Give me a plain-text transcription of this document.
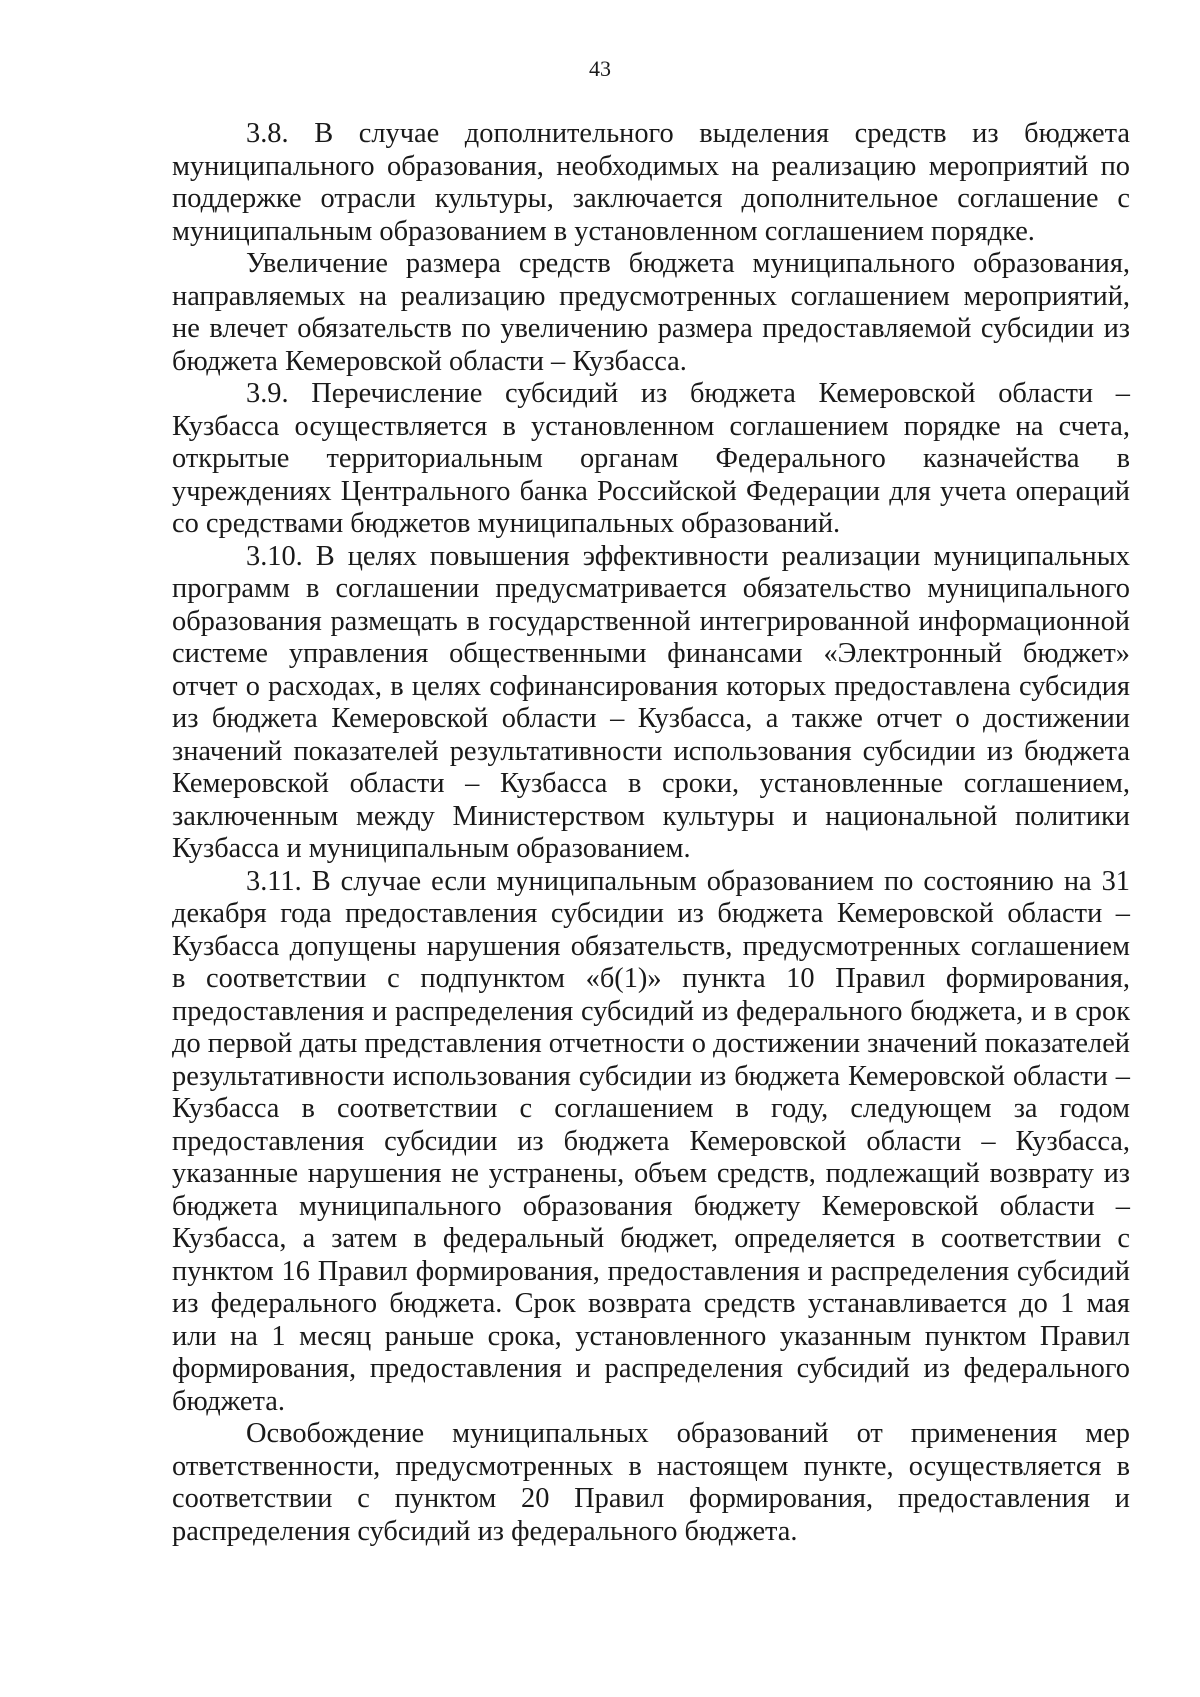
43

3.8. В случае дополнительного выделения средств из бюджета муниципального образования, необходимых на реализацию мероприятий по поддержке отрасли культуры, заключается дополнительное соглашение с муниципальным образованием в установленном соглашением порядке.

Увеличение размера средств бюджета муниципального образования, направляемых на реализацию предусмотренных соглашением мероприятий, не влечет обязательств по увеличению размера предоставляемой субсидии из бюджета Кемеровской области – Кузбасса.

3.9. Перечисление субсидий из бюджета Кемеровской области – Кузбасса осуществляется в установленном соглашением порядке на счета, открытые территориальным органам Федерального казначейства в учреждениях Центрального банка Российской Федерации для учета операций со средствами бюджетов муниципальных образований.

3.10. В целях повышения эффективности реализации муниципальных программ в соглашении предусматривается обязательство муниципального образования размещать в государственной интегрированной информационной системе управления общественными финансами «Электронный бюджет» отчет о расходах, в целях софинансирования которых предоставлена субсидия из бюджета Кемеровской области – Кузбасса, а также отчет о достижении значений показателей результативности использования субсидии из бюджета Кемеровской области – Кузбасса в сроки, установленные соглашением, заключенным между Министерством культуры и национальной политики Кузбасса и муниципальным образованием.

3.11. В случае если муниципальным образованием по состоянию на 31 декабря года предоставления субсидии из бюджета Кемеровской области – Кузбасса допущены нарушения обязательств, предусмотренных соглашением в соответствии с подпунктом «б(1)» пункта 10 Правил формирования, предоставления и распределения субсидий из федерального бюджета, и в срок до первой даты представления отчетности о достижении значений показателей результативности использования субсидии из бюджета Кемеровской области – Кузбасса в соответствии с соглашением в году, следующем за годом предоставления субсидии из бюджета Кемеровской области – Кузбасса, указанные нарушения не устранены, объем средств, подлежащий возврату из бюджета муниципального образования бюджету Кемеровской области – Кузбасса, а затем в федеральный бюджет, определяется в соответствии с пунктом 16 Правил формирования, предоставления и распределения субсидий из федерального бюджета. Срок возврата средств устанавливается до 1 мая или на 1 месяц раньше срока, установленного указанным пунктом Правил формирования, предоставления и распределения субсидий из федерального бюджета.

Освобождение муниципальных образований от применения мер ответственности, предусмотренных в настоящем пункте, осуществляется в соответствии с пунктом 20 Правил формирования, предоставления и распределения субсидий из федерального бюджета.
